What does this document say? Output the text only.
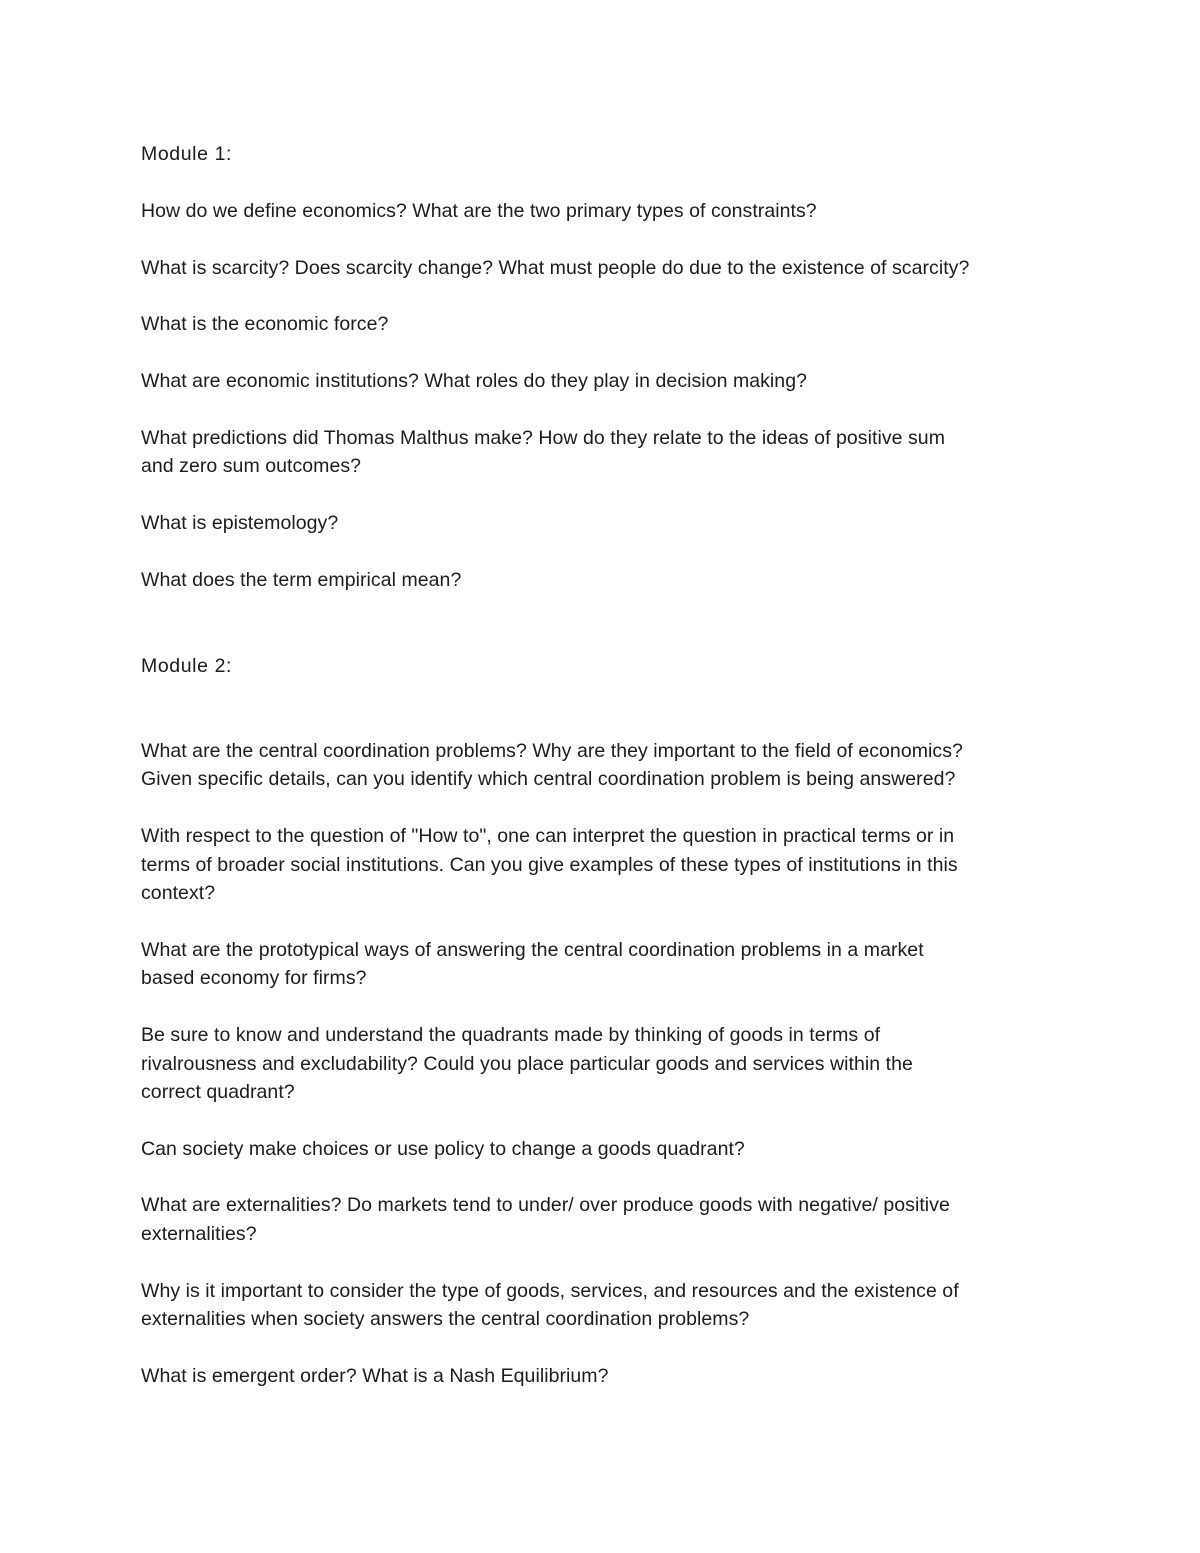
Module 1:

How do we define economics? What are the two primary types of constraints?

What is scarcity? Does scarcity change? What must people do due to the existence of scarcity?

What is the economic force?

What are economic institutions? What roles do they play in decision making?

What predictions did Thomas Malthus make? How do they relate to the ideas of positive sum

and zero sum outcomes?

What is epistemology?

What does the term empirical mean?

Module 2:

What are the central coordination problems? Why are they important to the field of economics?

Given specific details, can you identify which central coordination problem is being answered?

With respect to the question of "How to", one can interpret the question in practical terms or in

terms of broader social institutions. Can you give examples of these types of institutions in this

context?

What are the prototypical ways of answering the central coordination problems in a market

based economy for firms?

Be sure to know and understand the quadrants made by thinking of goods in terms of

rivalrousness and excludability? Could you place particular goods and services within the

correct quadrant?

Can society make choices or use policy to change a goods quadrant?

What are externalities? Do markets tend to under/ over produce goods with negative/ positive

externalities?

Why is it important to consider the type of goods, services, and resources and the existence of

externalities when society answers the central coordination problems?

What is emergent order? What is a Nash Equilibrium?
